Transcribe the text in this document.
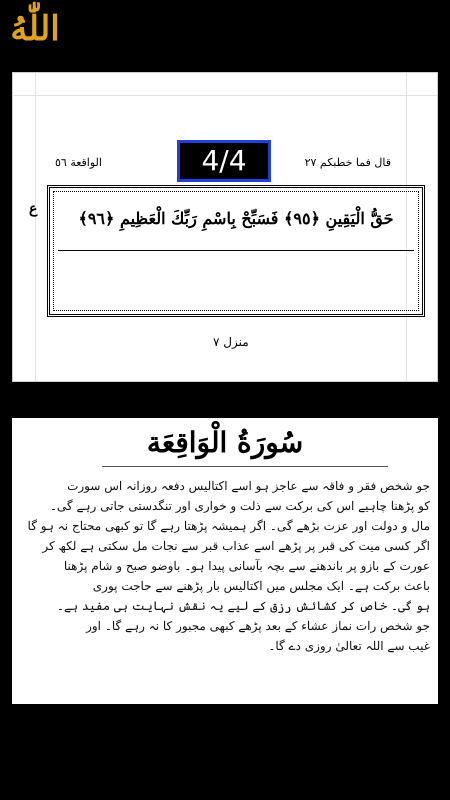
اللّٰهُ
4/4
الواقعة ٥٦	قال فما خطبکم ٢٧
ع	حَقُّ الْيَقِينِ ﴿٩٥﴾ فَسَبِّحْ بِاسْمِ رَبِّكَ الْعَظِيمِ ﴿٩٦﴾
منزل ٧
سُورَةُ الْوَاقِعَة

جو شخص فقر و فاقہ سے عاجز ہو اسے اکتالیس دفعہ روزانہ اس سورت

کو پڑھنا چاہیے اس کی برکت سے ذلت و خواری اور تنگدستی جاتی رہے گی۔

مال و دولت اور عزت بڑھے گی۔ اگر ہمیشہ پڑھتا رہے گا تو کبھی محتاج نہ ہو گا

اگر کسی میت کی قبر پر پڑھے اسے عذاب قبر سے نجات مل سکتی ہے لکھ کر

عورت کے بازو پر باندھنے سے بچہ بآسانی پیدا ہو۔ باوضو صبح و شام پڑھنا

باعث برکت ہے۔ ایک مجلس میں اکتالیس بار پڑھنے سے حاجت پوری

ہو گی۔ خاص کر کشائش رزق کے لیے یہ نقش نہایت ہی مفید ہے۔

جو شخص رات نماز عشاء کے بعد پڑھے کبھی مجبور کا نہ رہے گا۔ اور

غیب سے اللہ تعالیٰ روزی دے گا۔
